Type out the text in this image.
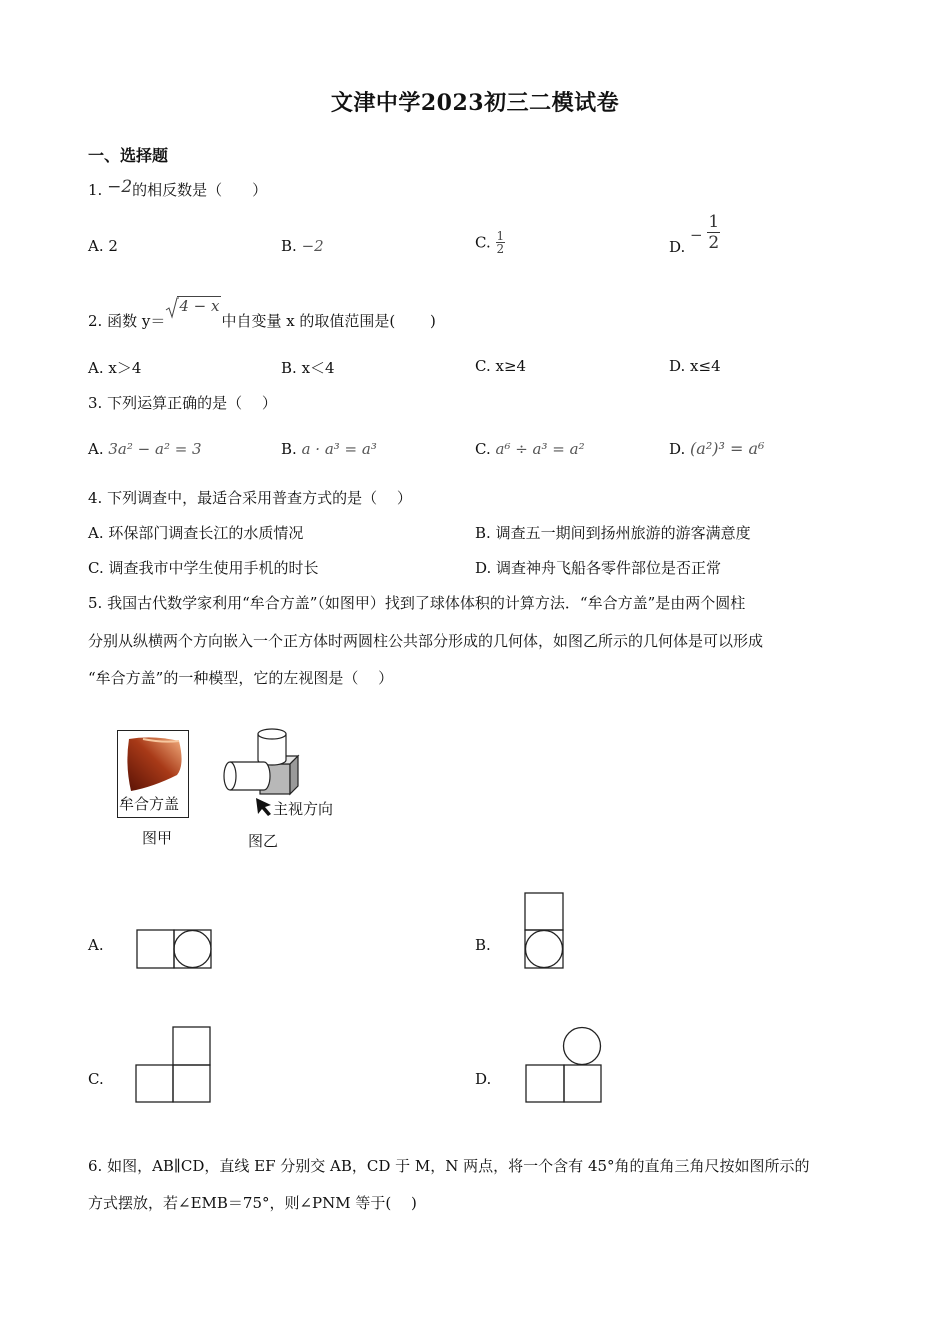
文津中学2023初三二模试卷
一、选择题
1. −2的相反数是（　　）
A. 2	B. −2	C. $\frac{1}{2}$	D. − $\frac{1}{2}$
2. 函数 y＝
4 − x中自变量 x 的取值范围是(　　 )
A. x＞4	B. x＜4	C. x≥4	D. x≤4
3. 下列运算正确的是（　 ）
A. 3a² − a² = 3	B. a · a³ = a³	C. a⁶ ÷ a³ = a²	D. (a²)³ = a⁶
4. 下列调查中，最适合采用普查方式的是（　 ）
A. 环保部门调查长江的水质情况	B. 调查五一期间到扬州旅游的游客满意度
C. 调查我市中学生使用手机的时长	D. 调查神舟飞船各零件部位是否正常
5. 我国古代数学家利用“牟合方盖”（如图甲）找到了球体体积的计算方法．“牟合方盖”是由两个圆柱
分别从纵横两个方向嵌入一个正方体时两圆柱公共部分形成的几何体，如图乙所示的几何体是可以形成
“牟合方盖”的一种模型，它的左视图是（　 ）
牟合方盖
图甲
主视方向
图乙
A.	B.
C.	D.
6. 如图，AB∥CD，直线 EF 分别交 AB，CD 于 M，N 两点，将一个含有 45°角的直角三角尺按如图所示的
方式摆放，若∠EMB＝75°，则∠PNM 等于(　 )
